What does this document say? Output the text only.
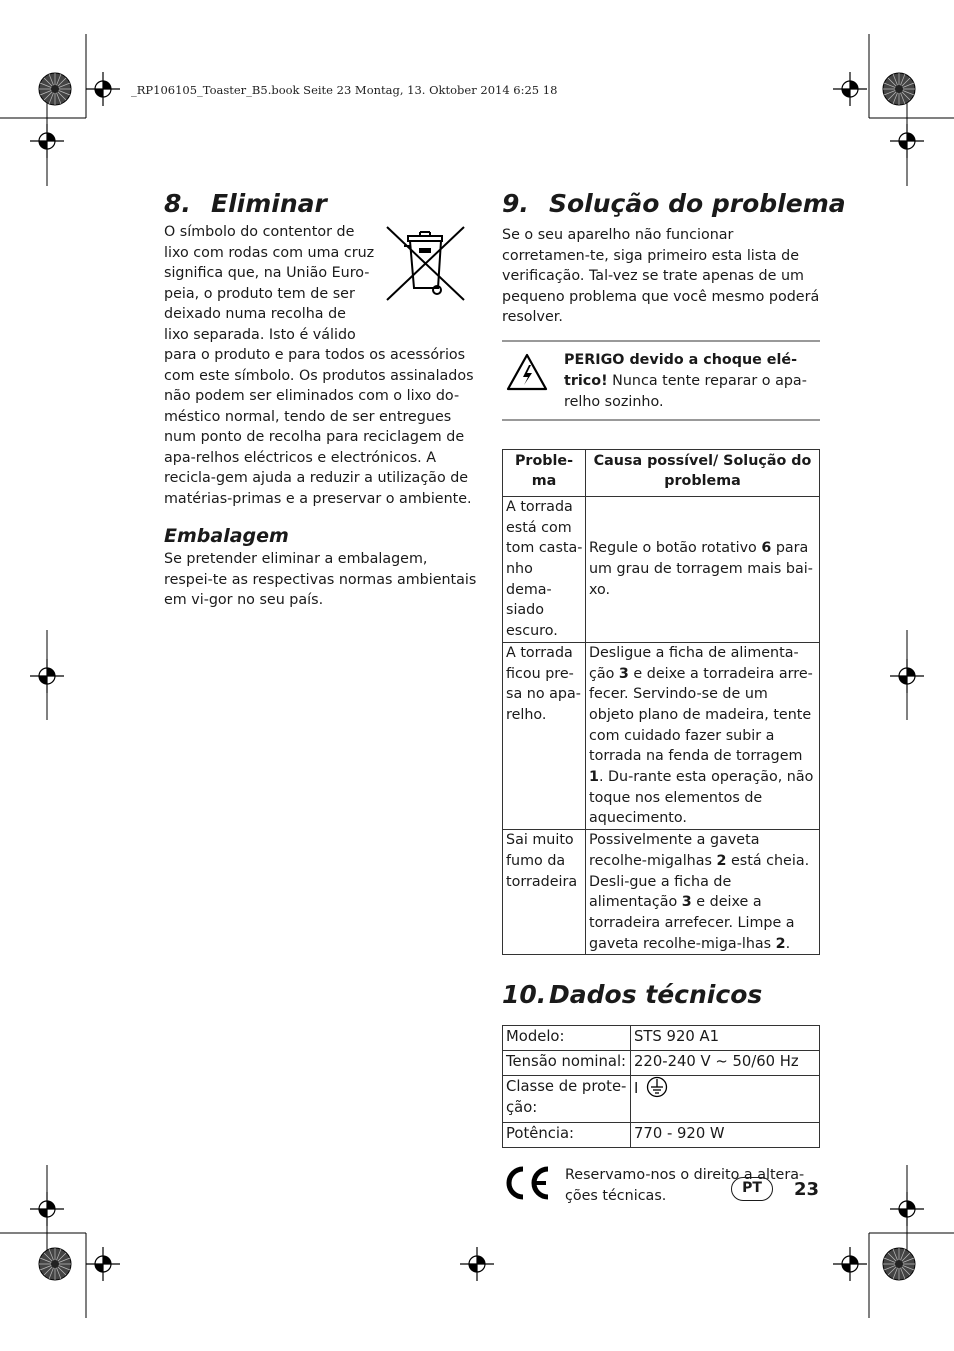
_RP106105_Toaster_B5.book Seite 23 Montag, 13. Oktober 2014 6:25 18
8. Eliminar
O símbolo do contentor de
lixo com rodas com uma cruz
significa que, na União Euro-
peia, o produto tem de ser
deixado numa recolha de
lixo separada. Isto é válido
para o produto e para todos os acessórios com este símbolo. Os produtos assinalados não podem ser eliminados com o lixo do-méstico normal, tendo de ser entregues num ponto de recolha para reciclagem de apa-relhos eléctricos e electrónicos. A recicla-gem ajuda a reduzir a utilização de matérias-primas e a preservar o ambiente.
Embalagem
Se pretender eliminar a embalagem, respei-te as respectivas normas ambientais em vi-gor no seu país.
9. Solução do problema
Se o seu aparelho não funcionar corretamen-te, siga primeiro esta lista de verificação. Tal-vez se trate apenas de um pequeno problema que você mesmo poderá resolver.
PERIGO devido a choque elé-trico! Nunca tente reparar o apa-relho sozinho.
Proble-ma	Causa possível/ Solução do problema
A torrada está com tom casta-nho dema-siado escuro.	Regule o botão rotativo 6 para um grau de torragem mais bai-xo.
A torrada ficou pre-sa no apa-relho.	Desligue a ficha de alimenta-ção 3 e deixe a torradeira arre-fecer. Servindo-se de um objeto plano de madeira, tente com cuidado fazer subir a torrada na fenda de torragem 1. Du-rante esta operação, não toque nos elementos de aquecimento.
Sai muito fumo da torradeira	Possivelmente a gaveta recolhe-migalhas 2 está cheia. Desli-gue a ficha de alimentação 3 e deixe a torradeira arrefecer. Limpe a gaveta recolhe-miga-lhas 2.
10. Dados técnicos
Modelo:	STS 920 A1
Tensão nominal:	220-240 V ~ 50/60 Hz
Classe de prote-ção:	I
Potência:	770 - 920 W
Reservamo-nos o direito a altera-ções técnicas.
PT	23
